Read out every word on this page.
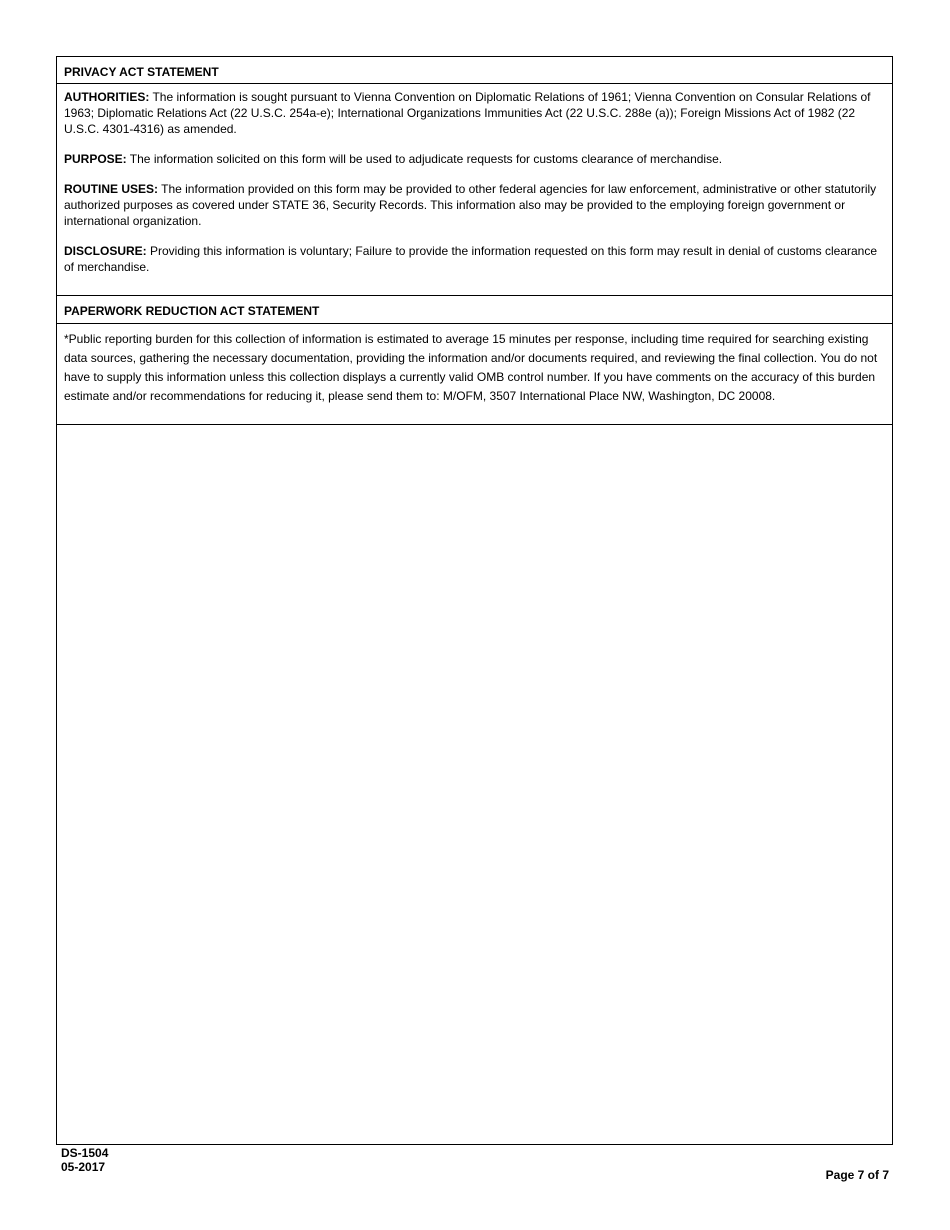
PRIVACY ACT STATEMENT

AUTHORITIES: The information is sought pursuant to Vienna Convention on Diplomatic Relations of 1961; Vienna Convention on Consular Relations of 1963; Diplomatic Relations Act (22 U.S.C. 254a-e); International Organizations Immunities Act (22 U.S.C. 288e (a)); Foreign Missions Act of 1982 (22 U.S.C. 4301-4316) as amended.

PURPOSE: The information solicited on this form will be used to adjudicate requests for customs clearance of merchandise.

ROUTINE USES: The information provided on this form may be provided to other federal agencies for law enforcement, administrative or other statutorily authorized purposes as covered under STATE 36, Security Records. This information also may be provided to the employing foreign government or international organization.

DISCLOSURE: Providing this information is voluntary; Failure to provide the information requested on this form may result in denial of customs clearance of merchandise.

PAPERWORK REDUCTION ACT STATEMENT
*Public reporting burden for this collection of information is estimated to average 15 minutes per response, including time required for searching existing data sources, gathering the necessary documentation, providing the information and/or documents required, and reviewing the final collection. You do not have to supply this information unless this collection displays a currently valid OMB control number. If you have comments on the accuracy of this burden estimate and/or recommendations for reducing it, please send them to: M/OFM, 3507 International Place NW, Washington, DC 20008.
DS-1504
05-2017
Page 7 of 7
